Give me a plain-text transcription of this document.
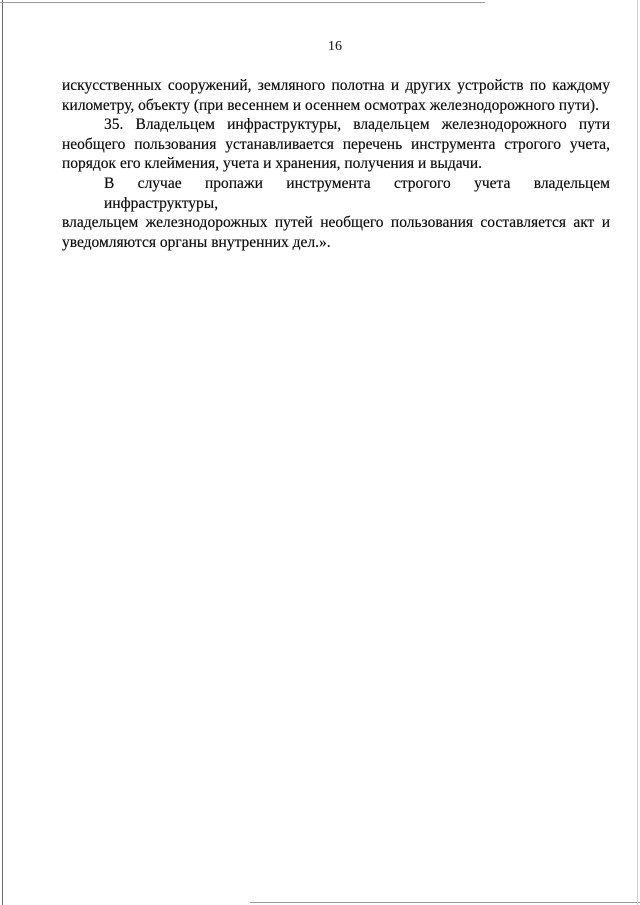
16
искусственных сооружений, земляного полотна и других устройств по каждому
километру, объекту (при весеннем и осеннем осмотрах железнодорожного пути).
35. Владельцем инфраструктуры, владельцем железнодорожного пути
необщего пользования устанавливается перечень инструмента строгого учета,
порядок его клеймения, учета и хранения, получения и выдачи.
В случае пропажи инструмента строгого учета владельцем инфраструктуры,
владельцем железнодорожных путей необщего пользования составляется акт и
уведомляются органы внутренних дел.».
